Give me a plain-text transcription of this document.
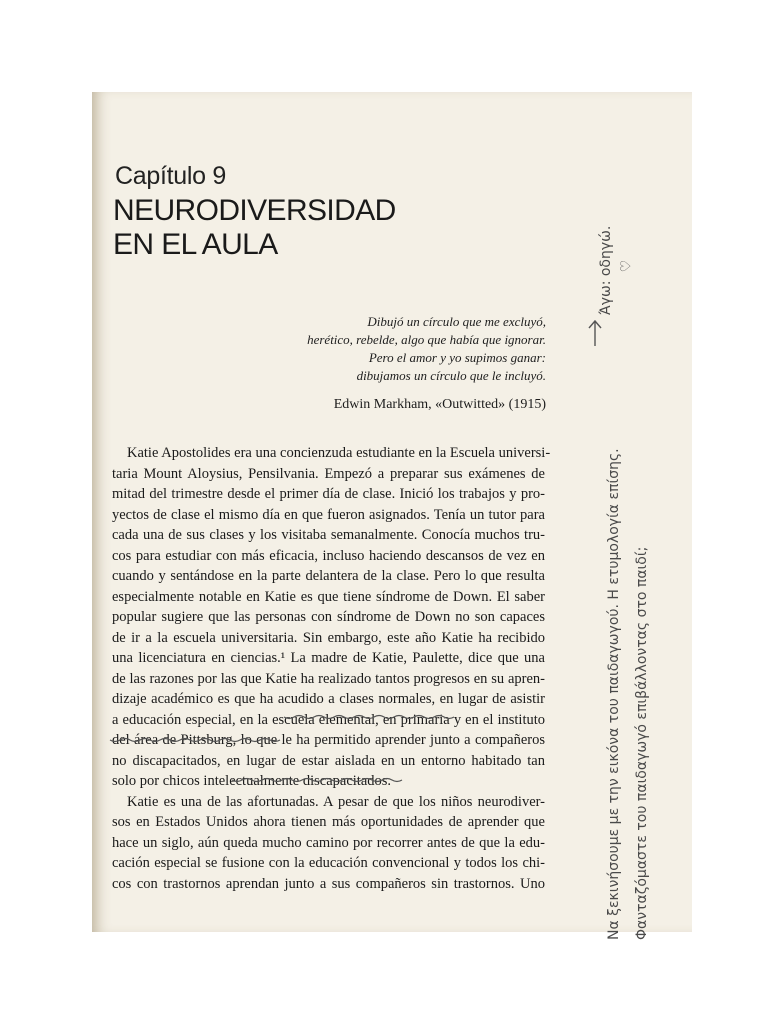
Capítulo 9
NEURODIVERSIDAD
EN EL AULA
Dibujó un círculo que me excluyó,
herético, rebelde, algo que había que ignorar.
Pero el amor y yo supimos ganar:
dibujamos un círculo que le incluyó.
Edwin Markham, «Outwitted» (1915)
Katie Apostolides era una concienzuda estudiante en la Escuela universi-
taria Mount Aloysius, Pensilvania. Empezó a preparar sus exámenes de
mitad del trimestre desde el primer día de clase. Inició los trabajos y pro-
yectos de clase el mismo día en que fueron asignados. Tenía un tutor para
cada una de sus clases y los visitaba semanalmente. Conocía muchos tru-
cos para estudiar con más eficacia, incluso haciendo descansos de vez en
cuando y sentándose en la parte delantera de la clase. Pero lo que resulta
especialmente notable en Katie es que tiene síndrome de Down. El saber
popular sugiere que las personas con síndrome de Down no son capaces
de ir a la escuela universitaria. Sin embargo, este año Katie ha recibido
una licenciatura en ciencias.¹ La madre de Katie, Paulette, dice que una
de las razones por las que Katie ha realizado tantos progresos en su apren-
dizaje académico es que ha acudido a clases normales, en lugar de asistir
a educación especial, en la escuela elemental, en primaria y en el instituto
del área de Pittsburg, lo que le ha permitido aprender junto a compañeros
no discapacitados, en lugar de estar aislada en un entorno habitado tan
solo por chicos intelectualmente discapacitados.
Katie es una de las afortunadas. A pesar de que los niños neurodiver-
sos en Estados Unidos ahora tienen más oportunidades de aprender que
hace un siglo, aún queda mucho camino por recorrer antes de que la edu-
cación especial se fusione con la educación convencional y todos los chi-
cos con trastornos aprendan junto a sus compañeros sin trastornos. Uno	Να ξεκινήσουμε με την εικόνα του παιδαγωγού. Η ετυμολογία επίσης. Φανταζόμαστε του παιδαγωγό επιβάλλοντας στο παιδί;
Άγω: οδηγώ. ♡
